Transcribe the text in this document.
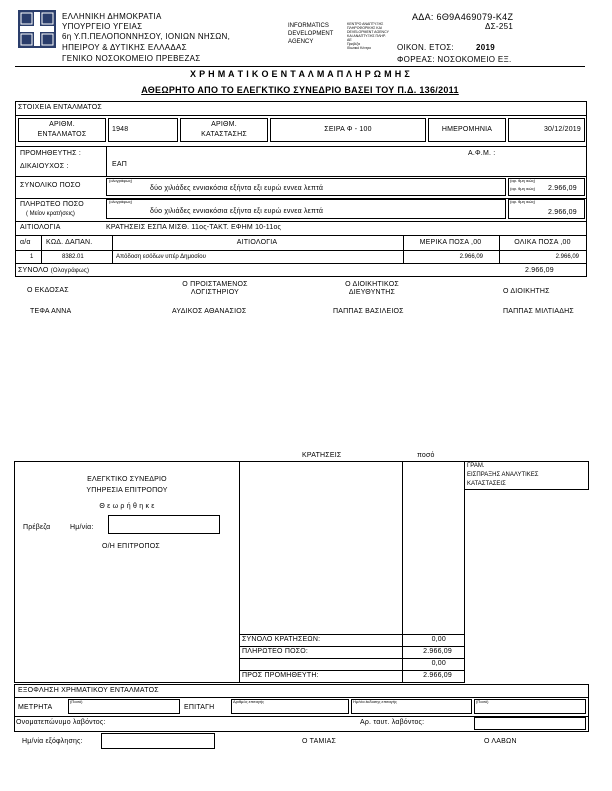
ΕΛΛΗΝΙΚΗ ΔΗΜΟΚΡΑΤΙΑ
ΥΠΟΥΡΓΕΙΟ ΥΓΕΙΑΣ
6η Υ.Π.ΠΕΛΟΠΟΝΝΗΣΟΥ, ΙΟΝΙΩΝ ΝΗΣΩΝ,
ΗΠΕΙΡΟΥ & ΔΥΤΙΚΗΣ ΕΛΛΑΔΑΣ
ΓΕΝΙΚΟ ΝΟΣΟΚΟΜΕΙΟ ΠΡΕΒΕΖΑΣ
INFORMATICS
DEVELOPMENT
AGENCY
ΚΕΝΤΡΟ ΑΝΑΠΤΥΞΗΣ
ΠΛΗΡΟΦΟΡΙΚΗΣ ΚΑΙ
DEVELOPMENT AGENCY
ΚΑΙ ΑΝΑΠΤΥΞΗΣ ΠΛΗΡ.
ΑΕ
Πρεβέζα
Ιδιωτικό Κέντρο
ΑΔΑ: 6Θ9Α469079-Κ4Ζ
ΔΣ-251
ΟΙΚΟΝ. ΕΤΟΣ:	2019
ΦΟΡΕΑΣ: ΝΟΣΟΚΟΜΕΙΟ ΕΞ.
Χ Ρ Η Μ Α Τ Ι Κ Ο Ε Ν Τ Α Λ Μ Α Π Λ Η Ρ Ω Μ Η Σ
ΑΘΕΩΡΗΤΟ ΑΠΟ ΤΟ ΕΛΕΓΚΤΙΚΟ ΣΥΝΕΔΡΙΟ ΒΑΣΕΙ ΤΟΥ Π.Δ. 136/2011
ΣΤΟΙΧΕΙΑ ΕΝΤΑΛΜΑΤΟΣ
ΑΡΙΘΜ.
ΕΝΤΑΛΜΑΤΟΣ
1948
ΑΡΙΘΜ.
ΚΑΤΑΣΤΑΣΗΣ
ΣΕΙΡΑ Φ - 100	ΗΜΕΡΟΜΗΝΙΑ	30/12/2019
ΠΡΟΜΗΘΕΥΤΗΣ :
ΔΙΚΑΙΟΥΧΟΣ :	ΕΑΠ
Α.Φ.Μ. :
ΣΥΝΟΛΙΚΟ ΠΟΣΟ
(ολογράφως)
δύο χιλιάδες εννιακόσια εξήντα εξι ευρώ εννεα λεπτά
(αρ. θμη ικώς)
(αρ. θμη ικώς) 2.966,09
ΠΛΗΡΩΤΕΟ ΠΟΣΟ
( Μείον κρατήσεις)
(ολογράφως)
δύο χιλιάδες εννιακόσια εξήντα εξι ευρώ εννεα λεπτά
(αρ. θμη ικώς)
2.966,09
ΑΙΤΙΟΛΟΓΙΑ	ΚΡΑΤΗΣΕΙΣ ΕΣΠΑ ΜΙΣΘ. 11ος-ΤΑΚΤ. ΕΦΗΜ 10-11ος
α/α ΚΩΔ. ΔΑΠΑΝ.	ΑΙΤΙΟΛΟΓΙΑ	ΜΕΡΙΚΑ ΠΟΣΑ ,00	ΟΛΙΚΑ ΠΟΣΑ ,00
1	8382.01	Απόδοση εσόδων υπέρ Δημοσίου	2.966,09	2.966,09
ΣΥΝΟΛΟ (Ολογράφως)	2.966,09
Ο ΕΚΔΟΣΑΣ
Ο ΠΡΟΙΣΤΑΜΕΝΟΣ
ΛΟΓΙΣΤΗΡΙΟΥ
Ο ΔΙΟΙΚΗΤΙΚΟΣ
ΔΙΕΥΘΥΝΤΗΣ	Ο ΔΙΟΙΚΗΤΗΣ
ΤΕΦΑ ΑΝΝΑ	ΑΥΔΙΚΟΣ ΑΘΑΝΑΣΙΟΣ	ΠΑΠΠΑΣ ΒΑΣΙΛΕΙΟΣ	ΠΑΠΠΑΣ ΜΙΛΤΙΑΔΗΣ
ΚΡΑΤΗΣΕΙΣ	ποσό
ΕΛΕΓΚΤΙΚΟ ΣΥΝΕΔΡΙΟ
ΥΠΗΡΕΣΙΑ ΕΠΙΤΡΟΠΟΥ
Θ ε ω ρ ή θ η κ ε
Πρέβεζα	Ημ/νία:
Ο/Η ΕΠΙΤΡΟΠΟΣ
ΓΡΑΜ.
ΕΙΣΠΡΑΞΗΣ ΑΝΑΛΥΤΙΚΕΣ
ΚΑΤΑΣΤΑΣΕΙΣ
ΣΥΝΟΛΟ ΚΡΑΤΗΣΕΩΝ:	0,00
ΠΛΗΡΩΤΕΟ ΠΟΣΟ:	2.966,09
0,00
ΠΡΟΣ ΠΡΟΜΗΘΕΥΤΗ:	2.966,09
ΕΞΟΦΛΗΣΗ ΧΡΗΜΑΤΙΚΟΥ ΕΝΤΑΛΜΑΤΟΣ
ΜΕΤΡΗΤΑ
(Ποσό)
ΕΠΙΤΑΓΗ
Αριθμός επιταγής	Ημ/νία έκδοσης επιταγής	(Ποσό)
Ονοματεπώνυμο λαβόντος:	Αρ. ταυτ. λαβόντος:
Ημ/νία εξόφλησης:	Ο ΤΑΜΙΑΣ	Ο ΛΑΒΩΝ
